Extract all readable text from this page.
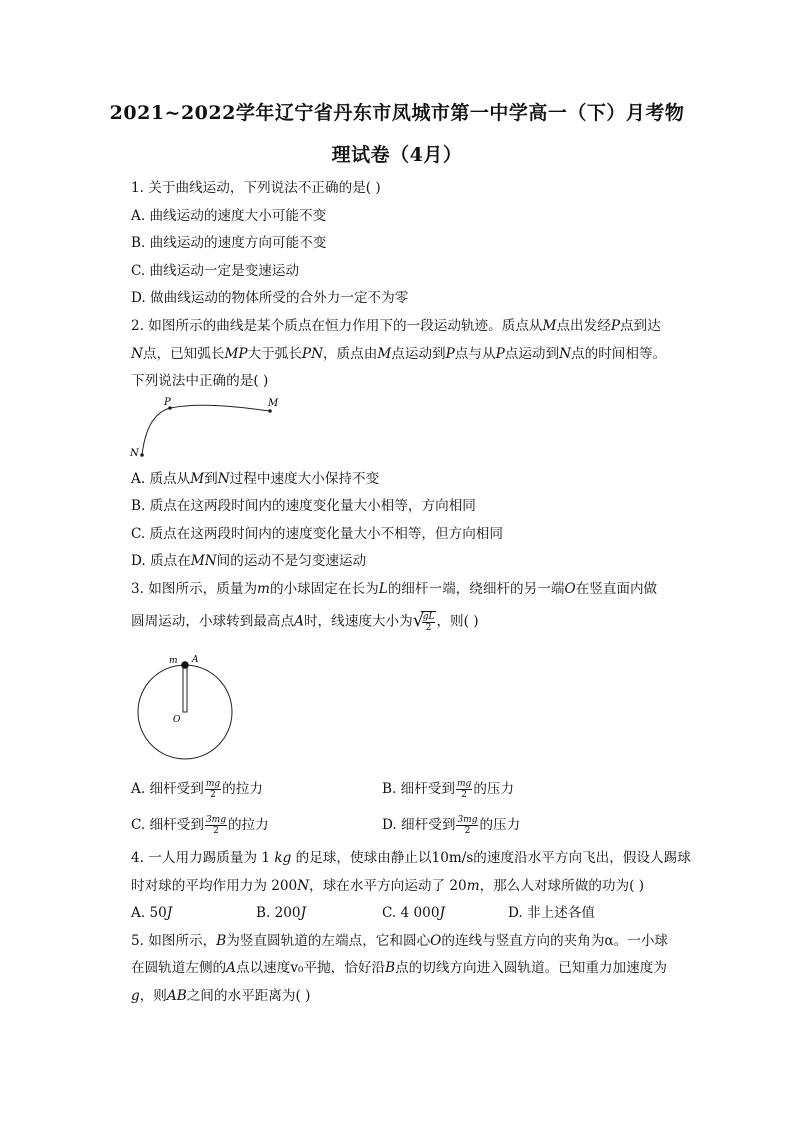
2021~2022学年辽宁省丹东市凤城市第一中学高一（下）月考物
理试卷（4月）
1. 关于曲线运动，下列说法不正确的是( )
A. 曲线运动的速度大小可能不变
B. 曲线运动的速度方向可能不变
C. 曲线运动一定是变速运动
D. 做曲线运动的物体所受的合外力一定不为零
2. 如图所示的曲线是某个质点在恒力作用下的一段运动轨迹。质点从M点出发经P点到达
N点，已知弧长MP大于弧长PN，质点由M点运动到P点与从P点运动到N点的时间相等。
下列说法中正确的是( )
P	M
N
A. 质点从M到N过程中速度大小保持不变
B. 质点在这两段时间内的速度变化量大小相等，方向相同
C. 质点在这两段时间内的速度变化量大小不相等，但方向相同
D. 质点在MN间的运动不是匀变速运动
3. 如图所示，质量为m的小球固定在长为L的细杆一端，绕细杆的另一端O在竖直面内做
圆周运动，小球转到最高点A时，线速度大小为 √
$\frac{gL}{2}$ ，则( )
m A
O
A. 细杆受到 $\frac{mg}{2}$ 的拉力	B. 细杆受到 $\frac{mg}{2}$ 的压力
C. 细杆受到 $\frac{3mg}{2}$ 的拉力	D. 细杆受到 $\frac{3mg}{2}$ 的压力
4. 一人用力踢质量为 1 kg 的足球，使球由静止以10m/s的速度沿水平方向飞出，假设人踢球
时对球的平均作用力为 200N，球在水平方向运动了 20m，那么人对球所做的功为( )
A. 50J	B. 200J	C. 4 000J	D. 非上述各值
5. 如图所示，B为竖直圆轨道的左端点，它和圆心O的连线与竖直方向的夹角为α。一小球
在圆轨道左侧的A点以速度v₀平抛，恰好沿B点的切线方向进入圆轨道。已知重力加速度为
g，则AB之间的水平距离为( )
